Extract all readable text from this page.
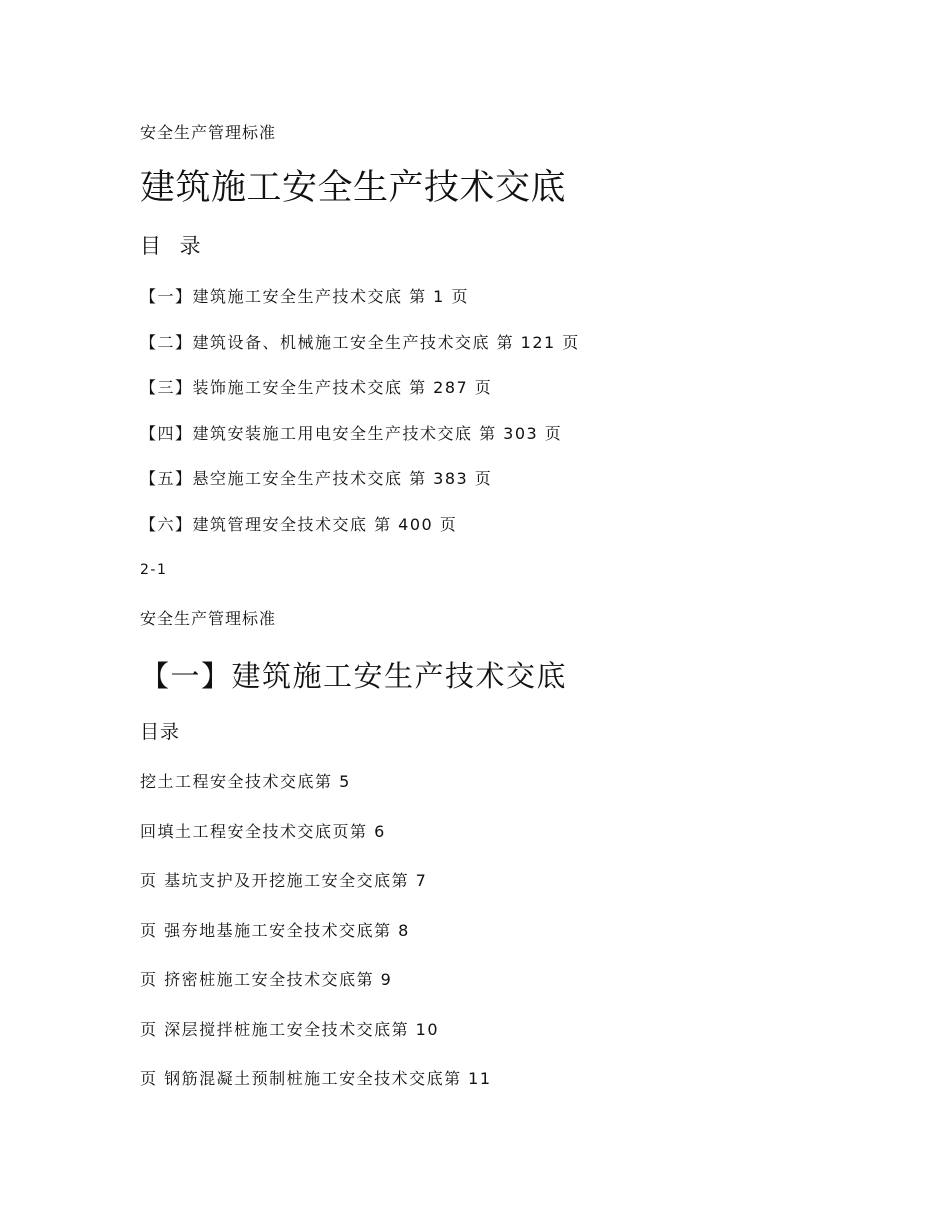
安全生产管理标准
建筑施工安全生产技术交底
目 录
【一】建筑施工安全生产技术交底 第 1 页
【二】建筑设备、机械施工安全生产技术交底 第 121 页
【三】装饰施工安全生产技术交底 第 287 页
【四】建筑安装施工用电安全生产技术交底 第 303 页
【五】悬空施工安全生产技术交底 第 383 页
【六】建筑管理安全技术交底 第 400 页
2-1
安全生产管理标准
【一】建筑施工安生产技术交底
目录
挖土工程安全技术交底第 5
回填土工程安全技术交底页第 6
页 基坑支护及开挖施工安全交底第 7
页 强夯地基施工安全技术交底第 8
页 挤密桩施工安全技术交底第 9
页 深层搅拌桩施工安全技术交底第 10
页 钢筋混凝土预制桩施工安全技术交底第 11
